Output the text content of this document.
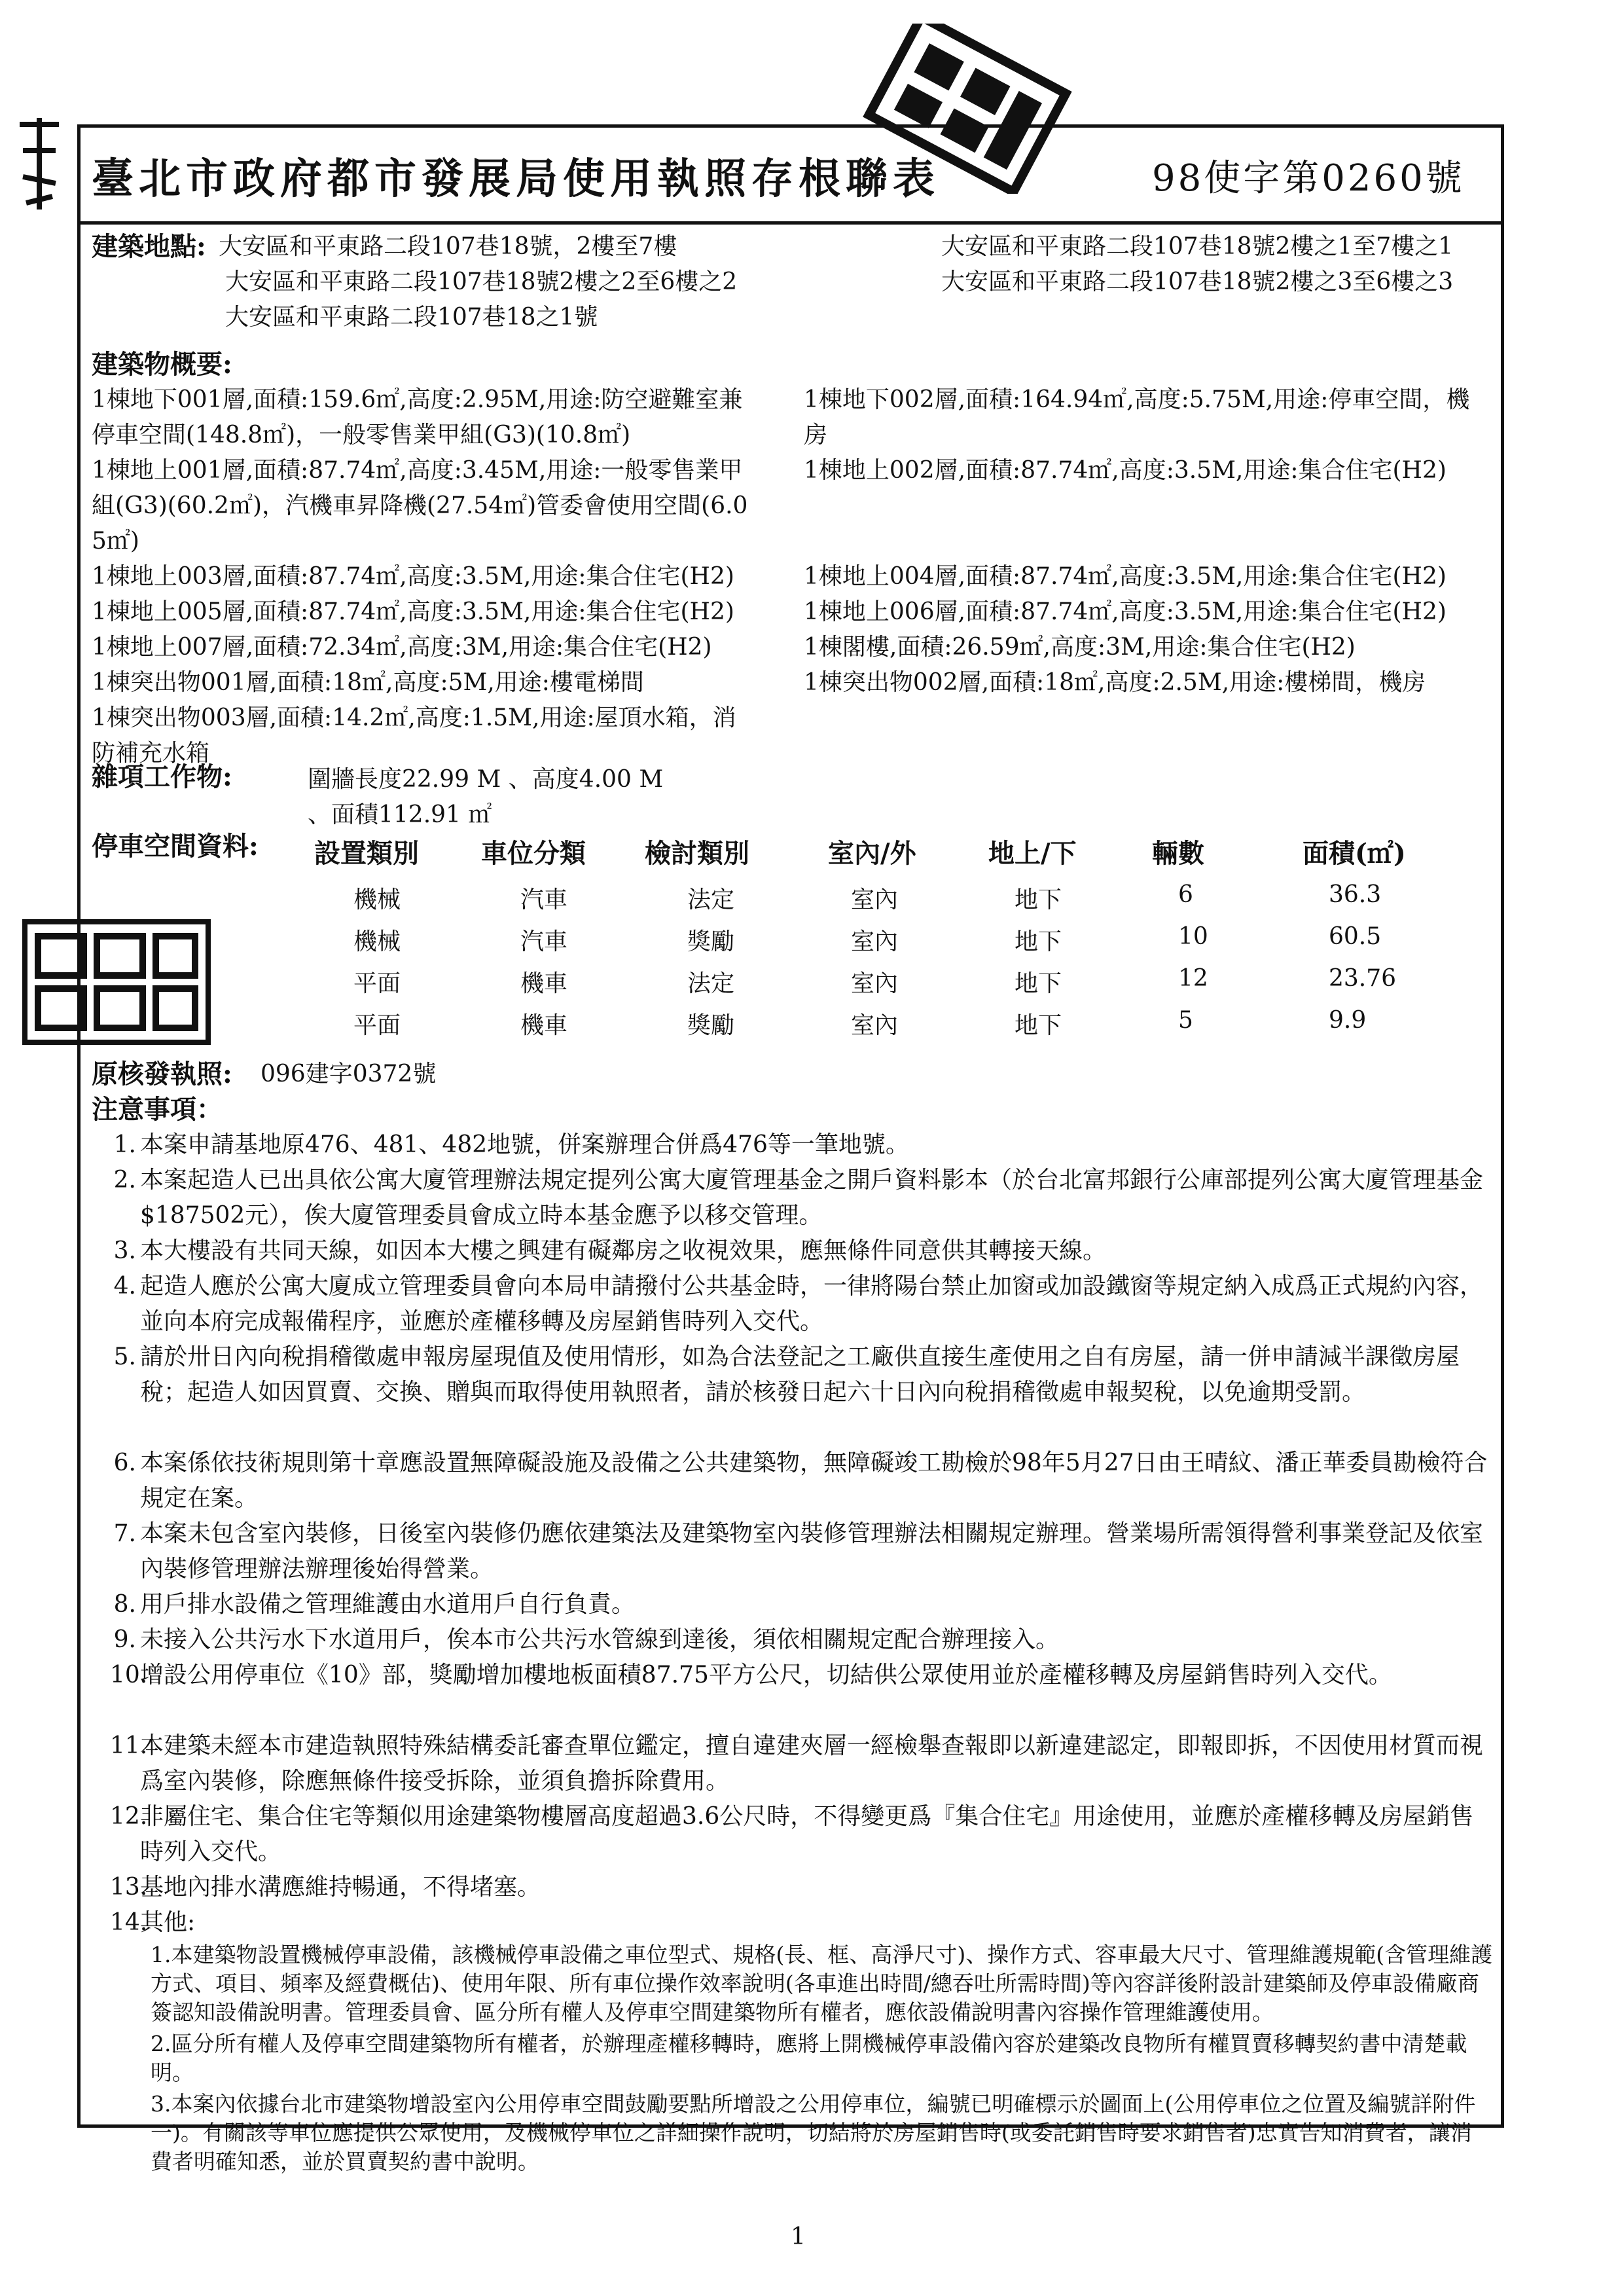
臺北市政府都市發展局使用執照存根聯表	98使字第0260號
建築地點: 大安區和平東路二段107巷18號，2樓至7樓
大安區和平東路二段107巷18號2樓之2至6樓之2
大安區和平東路二段107巷18之1號
大安區和平東路二段107巷18號2樓之1至7樓之1
大安區和平東路二段107巷18號2樓之3至6樓之3
建築物概要:
1棟地下001層,面積:159.6㎡,高度:2.95M,用途:防空避難室兼
停車空間(148.8㎡)，一般零售業甲組(G3)(10.8㎡)
1棟地下002層,面積:164.94㎡,高度:5.75M,用途:停車空間，機
房
1棟地上001層,面積:87.74㎡,高度:3.45M,用途:一般零售業甲
組(G3)(60.2㎡)，汽機車昇降機(27.54㎡)管委會使用空間(6.0
5㎡)
1棟地上002層,面積:87.74㎡,高度:3.5M,用途:集合住宅(H2)
1棟地上003層,面積:87.74㎡,高度:3.5M,用途:集合住宅(H2)	1棟地上004層,面積:87.74㎡,高度:3.5M,用途:集合住宅(H2)
1棟地上005層,面積:87.74㎡,高度:3.5M,用途:集合住宅(H2)	1棟地上006層,面積:87.74㎡,高度:3.5M,用途:集合住宅(H2)
1棟地上007層,面積:72.34㎡,高度:3M,用途:集合住宅(H2)	1棟閣樓,面積:26.59㎡,高度:3M,用途:集合住宅(H2)
1棟突出物001層,面積:18㎡,高度:5M,用途:樓電梯間	1棟突出物002層,面積:18㎡,高度:2.5M,用途:樓梯間，機房
1棟突出物003層,面積:14.2㎡,高度:1.5M,用途:屋頂水箱，消
防補充水箱
雜項工作物:	圍牆長度22.99 M 、高度4.00 M
、面積112.91 ㎡
停車空間資料: 設置類別 車位分類 檢討類別	室內/外	地上/下	輛數	面積(㎡)
機械	汽車	法定	室內	地下	6	36.3
機械	汽車	獎勵	室內	地下	10	60.5
平面	機車	法定	室內	地下	12	23.76
平面	機車	獎勵	室內	地下	5	9.9
原核發執照: 096建字0372號
注意事項：
1. 本案申請基地原476、481、482地號，併案辦理合併爲476等一筆地號。
2. 本案起造人已出具依公寓大廈管理辦法規定提列公寓大廈管理基金之開戶資料影本（於台北富邦銀行公庫部提列公寓大廈管理基金$187502元），俟大廈管理委員會成立時本基金應予以移交管理。
3. 本大樓設有共同天線，如因本大樓之興建有礙鄰房之收視效果，應無條件同意供其轉接天線。
4. 起造人應於公寓大廈成立管理委員會向本局申請撥付公共基金時，一律將陽台禁止加窗或加設鐵窗等規定納入成爲正式規約內容，並向本府完成報備程序，並應於產權移轉及房屋銷售時列入交代。
5. 請於卅日內向稅捐稽徵處申報房屋現值及使用情形，如為合法登記之工廠供直接生產使用之自有房屋，請一併申請減半課徵房屋稅；起造人如因買賣、交換、贈與而取得使用執照者，請於核發日起六十日內向稅捐稽徵處申報契稅，以免逾期受罰。
6. 本案係依技術規則第十章應設置無障礙設施及設備之公共建築物，無障礙竣工勘檢於98年5月27日由王晴紋、潘正華委員勘檢符合規定在案。
7. 本案未包含室內裝修，日後室內裝修仍應依建築法及建築物室內裝修管理辦法相關規定辦理。營業場所需領得營利事業登記及依室內裝修管理辦法辦理後始得營業。
8. 用戶排水設備之管理維護由水道用戶自行負責。
9. 未接入公共污水下水道用戶，俟本市公共污水管線到達後，須依相關規定配合辦理接入。
10.
增設公用停車位《10》部，獎勵增加樓地板面積87.75平方公尺，切結供公眾使用並於產權移轉及房屋銷售時列入交代。
11.
本建築未經本市建造執照特殊結構委託審查單位鑑定，擅自違建夾層一經檢舉查報即以新違建認定，即報即拆，不因使用材質而視爲室內裝修，除應無條件接受拆除，並須負擔拆除費用。
12.
非屬住宅、集合住宅等類似用途建築物樓層高度超過3.6公尺時，不得變更爲『集合住宅』用途使用，並應於產權移轉及房屋銷售時列入交代。
13.
基地內排水溝應維持暢通，不得堵塞。
14.
其他:
1.本建築物設置機械停車設備，該機械停車設備之車位型式、規格(長、框、高淨尺寸)、操作方式、容車最大尺寸、管理維護規範(含管理維護方式、項目、頻率及經費概估)、使用年限、所有車位操作效率說明(各車進出時間/總吞吐所需時間)等內容詳後附設計建築師及停車設備廠商簽認知設備說明書。管理委員會、區分所有權人及停車空間建築物所有權者，應依設備說明書內容操作管理維護使用。
2.區分所有權人及停車空間建築物所有權者，於辦理產權移轉時，應將上開機械停車設備內容於建築改良物所有權買賣移轉契約書中清楚載明。
3.本案內依據台北市建築物增設室內公用停車空間鼓勵要點所增設之公用停車位，編號已明確標示於圖面上(公用停車位之位置及編號詳附件一)。有關該等車位應提供公眾使用，及機械停車位之詳細操作說明，切結將於房屋銷售時(或委託銷售時要求銷售者)忠實告知消費者，讓消費者明確知悉，並於買賣契約書中說明。
1
